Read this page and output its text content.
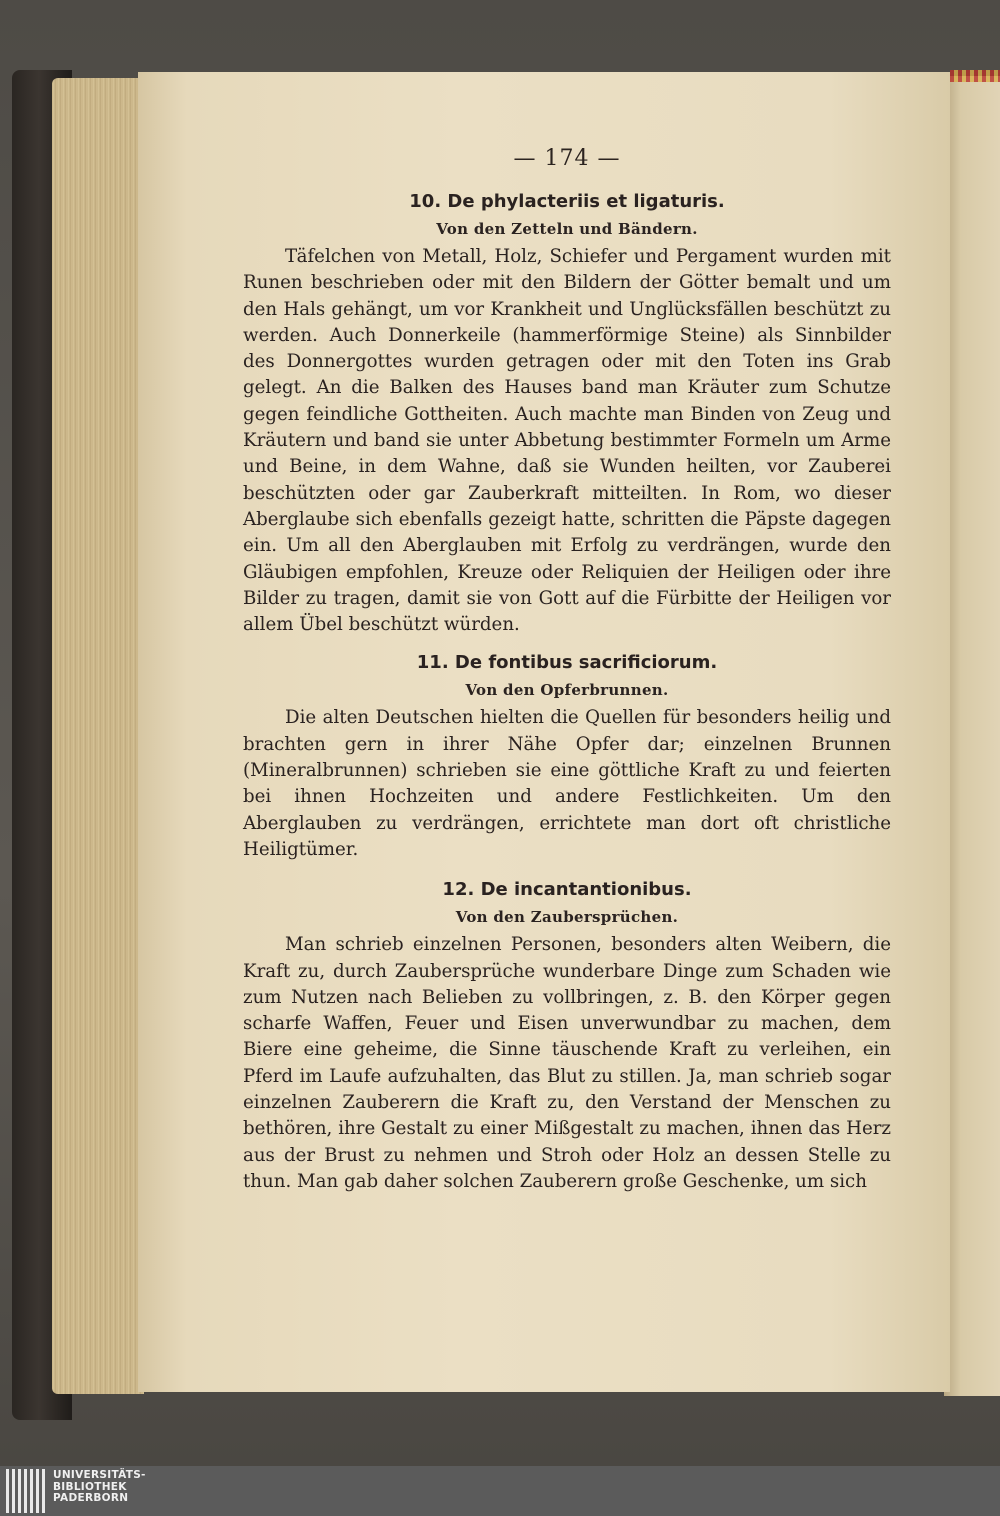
— 174 —
10. De phylacteriis et ligaturis.
Von den Zetteln und Bändern.

Täfelchen von Metall, Holz, Schiefer und Pergament wurden mit Runen beschrieben oder mit den Bildern der Götter bemalt und um den Hals gehängt, um vor Krankheit und Unglücksfällen beschützt zu werden. Auch Donnerkeile (hammerförmige Steine) als Sinnbilder des Donnergottes wurden getragen oder mit den Toten ins Grab gelegt. An die Balken des Hauses band man Kräuter zum Schutze gegen feindliche Gottheiten. Auch machte man Binden von Zeug und Kräutern und band sie unter Abbetung bestimmter Formeln um Arme und Beine, in dem Wahne, daß sie Wunden heilten, vor Zauberei beschützten oder gar Zauberkraft mitteilten. In Rom, wo dieser Aberglaube sich ebenfalls gezeigt hatte, schritten die Päpste dagegen ein. Um all den Aberglauben mit Erfolg zu verdrängen, wurde den Gläubigen empfohlen, Kreuze oder Reliquien der Heiligen oder ihre Bilder zu tragen, damit sie von Gott auf die Fürbitte der Heiligen vor allem Übel beschützt würden.

11. De fontibus sacrificiorum.
Von den Opferbrunnen.

Die alten Deutschen hielten die Quellen für besonders heilig und brachten gern in ihrer Nähe Opfer dar; einzelnen Brunnen (Mineralbrunnen) schrieben sie eine göttliche Kraft zu und feierten bei ihnen Hochzeiten und andere Festlichkeiten. Um den Aberglauben zu verdrängen, errichtete man dort oft christliche Heiligtümer.

12. De incantantionibus.
Von den Zaubersprüchen.

Man schrieb einzelnen Personen, besonders alten Weibern, die Kraft zu, durch Zaubersprüche wunderbare Dinge zum Schaden wie zum Nutzen nach Belieben zu vollbringen, z. B. den Körper gegen scharfe Waffen, Feuer und Eisen unverwundbar zu machen, dem Biere eine geheime, die Sinne täuschende Kraft zu verleihen, ein Pferd im Laufe aufzuhalten, das Blut zu stillen. Ja, man schrieb sogar einzelnen Zauberern die Kraft zu, den Verstand der Menschen zu bethören, ihre Gestalt zu einer Mißgestalt zu machen, ihnen das Herz aus der Brust zu nehmen und Stroh oder Holz an dessen Stelle zu thun. Man gab daher solchen Zauberern große Geschenke, um sich

UNIVERSITÄTS-
BIBLIOTHEK
PADERBORN
